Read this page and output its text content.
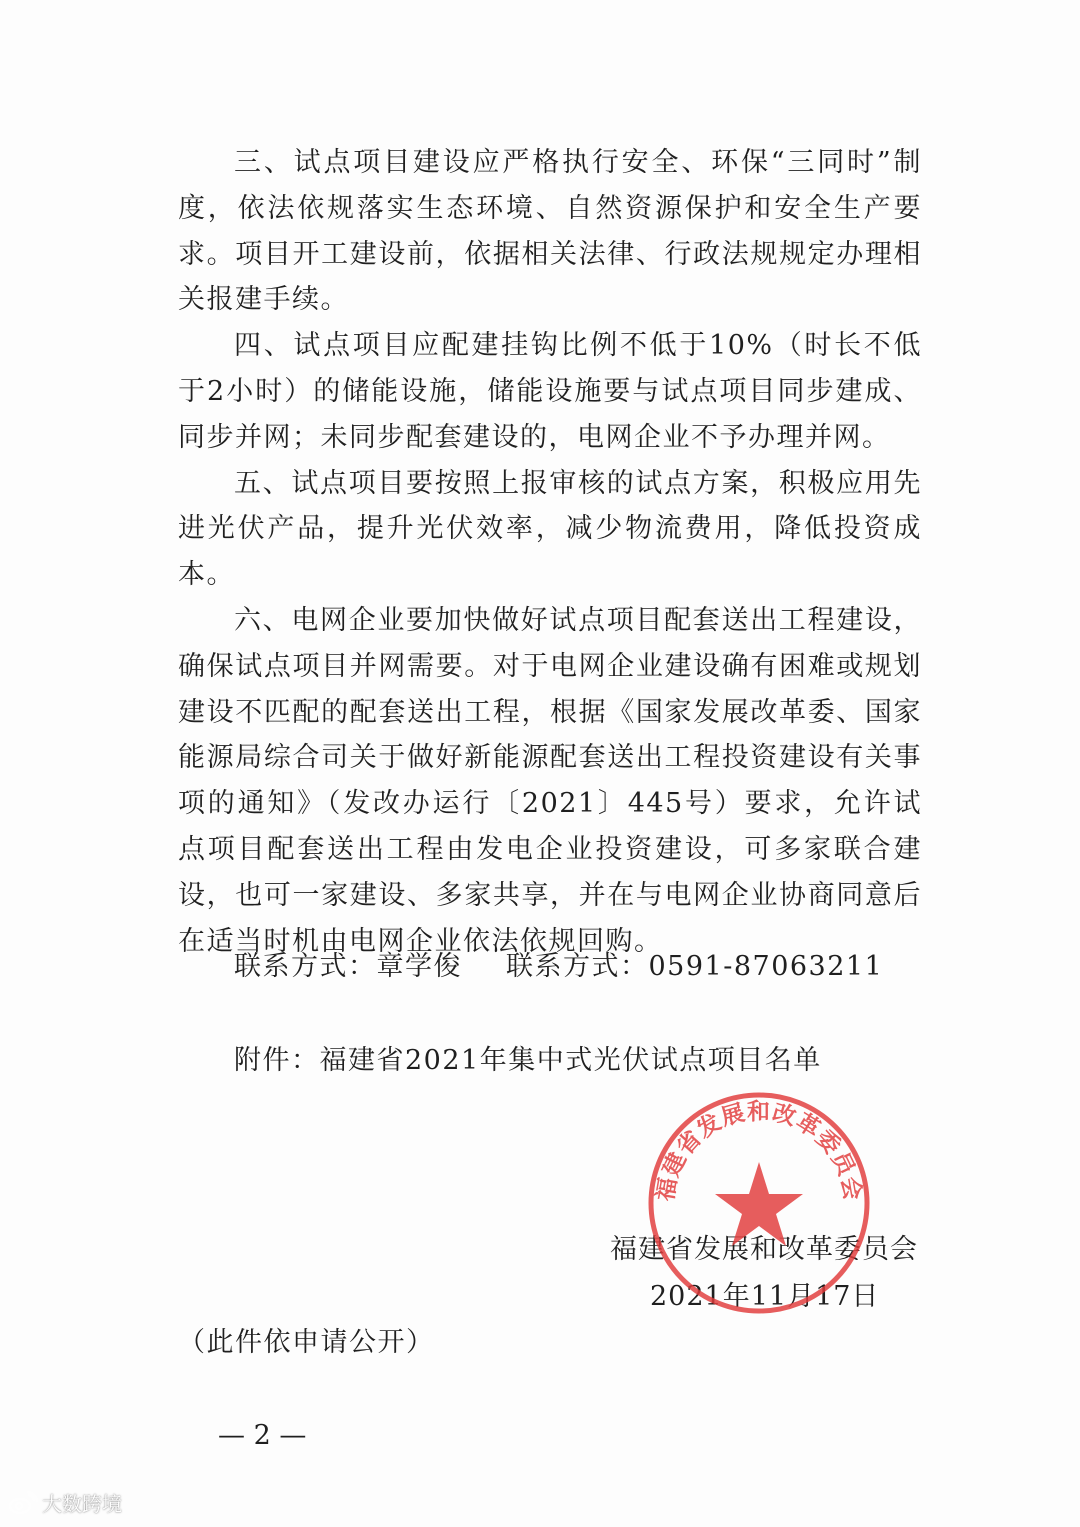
三、试点项目建设应严格执行安全、环保“三同时”制度，依法依规落实生态环境、自然资源保护和安全生产要求。项目开工建设前，依据相关法律、行政法规规定办理相关报建手续。

四、试点项目应配建挂钩比例不低于10%（时长不低于2小时）的储能设施，储能设施要与试点项目同步建成、同步并网；未同步配套建设的，电网企业不予办理并网。

五、试点项目要按照上报审核的试点方案，积极应用先进光伏产品，提升光伏效率，减少物流费用，降低投资成本。

六、电网企业要加快做好试点项目配套送出工程建设，确保试点项目并网需要。对于电网企业建设确有困难或规划建设不匹配的配套送出工程，根据《国家发展改革委、国家能源局综合司关于做好新能源配套送出工程投资建设有关事项的通知》（发改办运行〔2021〕445号）要求，允许试点项目配套送出工程由发电企业投资建设，可多家联合建设，也可一家建设、多家共享，并在与电网企业协商同意后在适当时机由电网企业依法依规回购。

联系方式：章学俊 联系方式：0591-87063211
附件：福建省2021年集中式光伏试点项目名单
福建省发展和改革委员会
2021年11月17日
福建省发展和改革委员会
（此件依申请公开）
— 2 —
大数跨境
